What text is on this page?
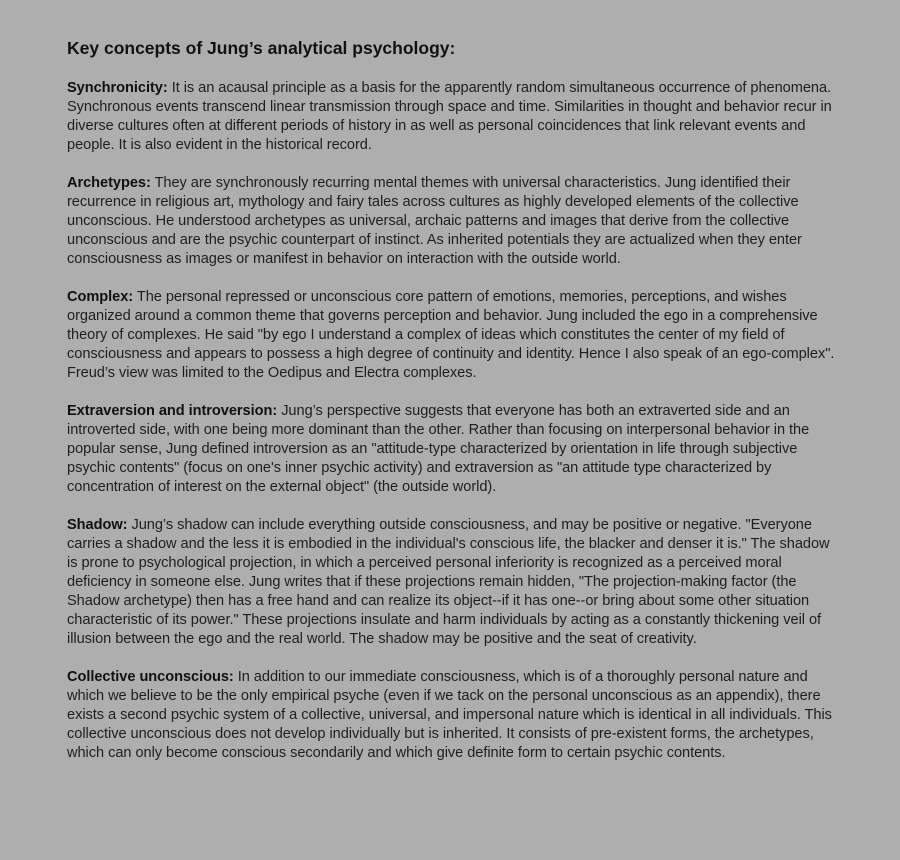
Key concepts of Jung’s analytical psychology:

Synchronicity: It is an acausal principle as a basis for the apparently random simultaneous occurrence of phenomena. Synchronous events transcend linear transmission through space and time. Similarities in thought and behavior recur in diverse cultures often at different periods of history in as well as personal coincidences that link relevant events and people. It is also evident in the historical record.

Archetypes: They are synchronously recurring mental themes with universal characteristics. Jung identified their recurrence in religious art, mythology and fairy tales across cultures as highly developed elements of the collective unconscious. He understood archetypes as universal, archaic patterns and images that derive from the collective unconscious and are the psychic counterpart of instinct. As inherited potentials they are actualized when they enter consciousness as images or manifest in behavior on interaction with the outside world.

Complex: The personal repressed or unconscious core pattern of emotions, memories, perceptions, and wishes organized around a common theme that governs perception and behavior. Jung included the ego in a comprehensive theory of complexes. He said "by ego I understand a complex of ideas which constitutes the center of my field of consciousness and appears to possess a high degree of continuity and identity. Hence I also speak of an ego-complex". Freud’s view was limited to the Oedipus and Electra complexes.

Extraversion and introversion: Jung’s perspective suggests that everyone has both an extraverted side and an introverted side, with one being more dominant than the other. Rather than focusing on interpersonal behavior in the popular sense, Jung defined introversion as an "attitude-type characterized by orientation in life through subjective psychic contents" (focus on one's inner psychic activity) and extraversion as "an attitude type characterized by concentration of interest on the external object" (the outside world).

Shadow: Jung’s shadow can include everything outside consciousness, and may be positive or negative. "Everyone carries a shadow and the less it is embodied in the individual's conscious life, the blacker and denser it is." The shadow is prone to psychological projection, in which a perceived personal inferiority is recognized as a perceived moral deficiency in someone else. Jung writes that if these projections remain hidden, "The projection-making factor (the Shadow archetype) then has a free hand and can realize its object--if it has one--or bring about some other situation characteristic of its power." These projections insulate and harm individuals by acting as a constantly thickening veil of illusion between the ego and the real world. The shadow may be positive and the seat of creativity.

Collective unconscious: In addition to our immediate consciousness, which is of a thoroughly personal nature and which we believe to be the only empirical psyche (even if we tack on the personal unconscious as an appendix), there exists a second psychic system of a collective, universal, and impersonal nature which is identical in all individuals. This collective unconscious does not develop individually but is inherited. It consists of pre-existent forms, the archetypes, which can only become conscious secondarily and which give definite form to certain psychic contents.
